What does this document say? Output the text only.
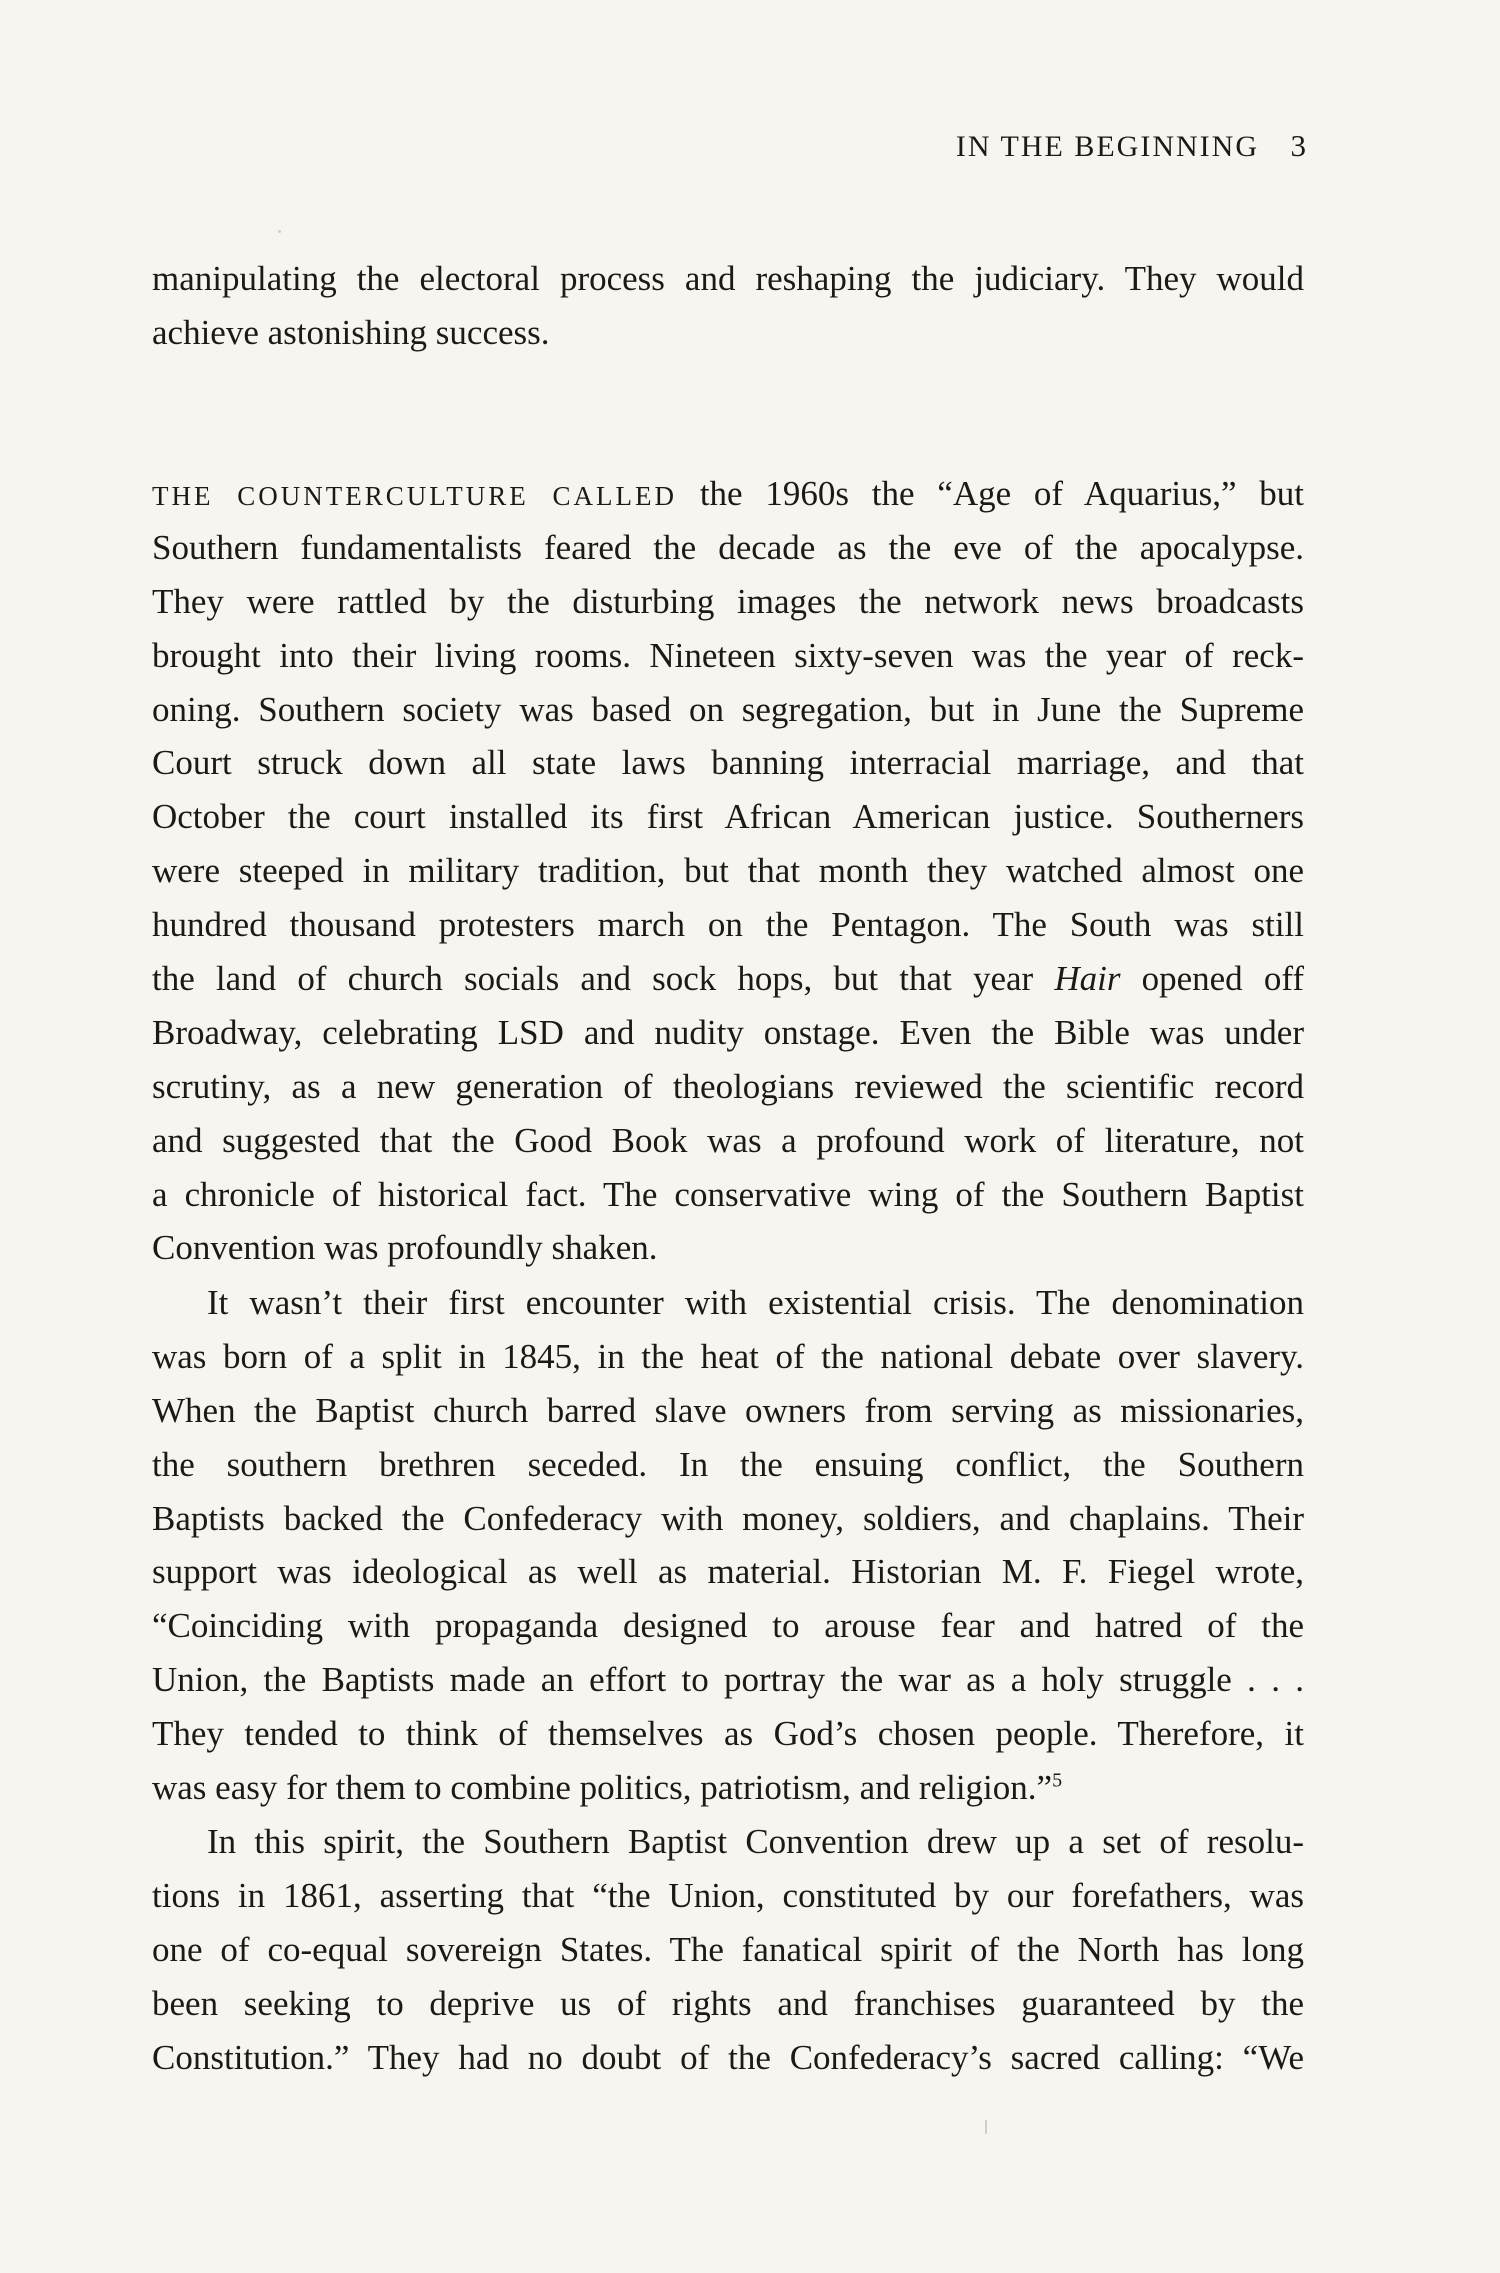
IN THE BEGINNING 3
manipulating the electoral process and reshaping the judiciary. They would
achieve astonishing success.
THE COUNTERCULTURE CALLED the 1960s the “Age of Aquarius,” but
Southern fundamentalists feared the decade as the eve of the apocalypse.
They were rattled by the disturbing images the network news broadcasts
brought into their living rooms. Nineteen sixty-seven was the year of reck-
oning. Southern society was based on segregation, but in June the Supreme
Court struck down all state laws banning interracial marriage, and that
October the court installed its first African American justice. Southerners
were steeped in military tradition, but that month they watched almost one
hundred thousand protesters march on the Pentagon. The South was still
the land of church socials and sock hops, but that year Hair opened off
Broadway, celebrating LSD and nudity onstage. Even the Bible was under
scrutiny, as a new generation of theologians reviewed the scientific record
and suggested that the Good Book was a profound work of literature, not
a chronicle of historical fact. The conservative wing of the Southern Baptist
Convention was profoundly shaken.
It wasn’t their first encounter with existential crisis. The denomination
was born of a split in 1845, in the heat of the national debate over slavery.
When the Baptist church barred slave owners from serving as missionaries,
the southern brethren seceded. In the ensuing conflict, the Southern
Baptists backed the Confederacy with money, soldiers, and chaplains. Their
support was ideological as well as material. Historian M. F. Fiegel wrote,
“Coinciding with propaganda designed to arouse fear and hatred of the
Union, the Baptists made an effort to portray the war as a holy struggle . . .
They tended to think of themselves as God’s chosen people. Therefore, it
was easy for them to combine politics, patriotism, and religion.”$^5$
In this spirit, the Southern Baptist Convention drew up a set of resolu-
tions in 1861, asserting that “the Union, constituted by our forefathers, was
one of co-equal sovereign States. The fanatical spirit of the North has long
been seeking to deprive us of rights and franchises guaranteed by the
Constitution.” They had no doubt of the Confederacy’s sacred calling: “We
